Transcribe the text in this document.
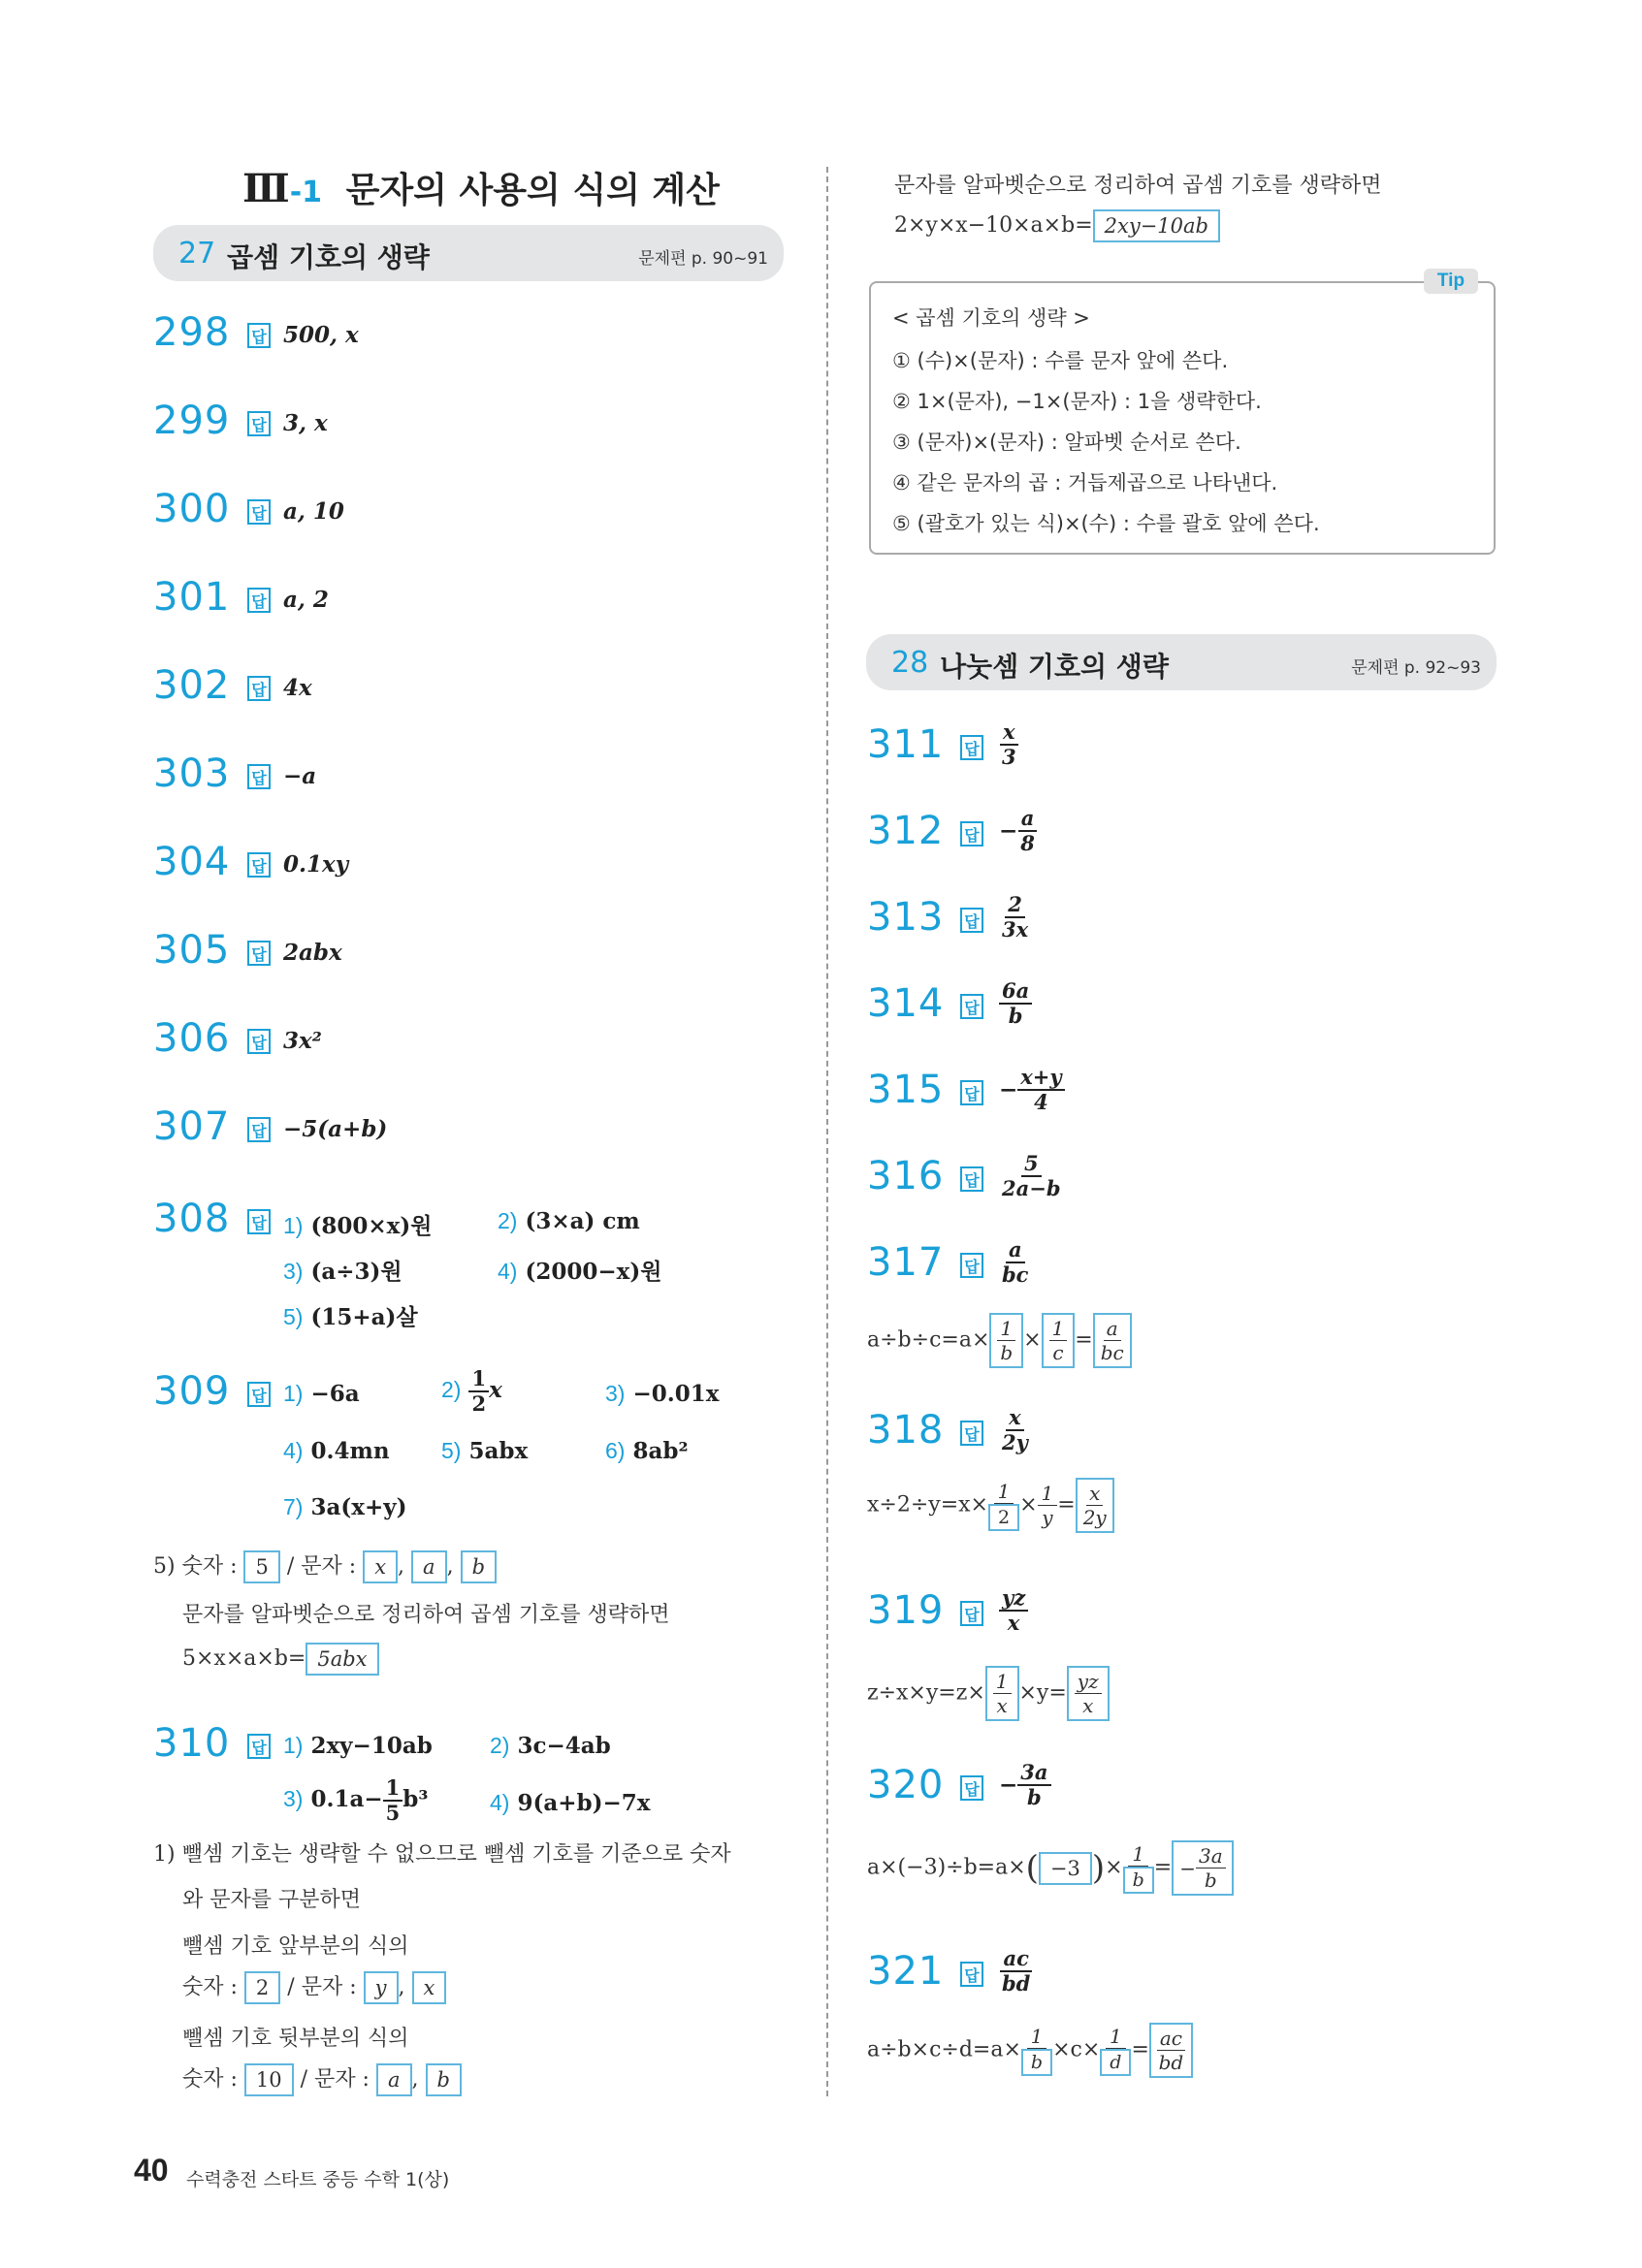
Ⅲ-1 문자의 사용의 식의 계산
27 곱셈 기호의 생략	문제편 p. 90~91
298 답 500, x
299 답 3, x
300 답 a, 10
301 답 a, 2
302 답 4x
303 답 −a
304 답 0.1xy
305 답 2abx
306 답 3x²
307 답 −5(a+b)
308 답 1) (800×x)원	2) (3×a) cm
3) (a÷3)원	4) (2000−x)원
5) (15+a)살
309 답 1) −6a	$2) \frac{1}{2}$ x	3) −0.01x
4) 0.4mn 5) 5abx	6) 8ab²
7) 3a(x+y)
5) 숫자 : 5 / 문자 : x , a , b
문자를 알파벳순으로 정리하여 곱셈 기호를 생략하면
5×x×a×b= 5abx
310 답 1) 2xy−10ab	2) 3c−4ab
3) $0.1a- \frac{1}{5} b^3$	4) 9(a+b)−7x
1) 뺄셈 기호는 생략할 수 없으므로 뺄셈 기호를 기준으로 숫자
와 문자를 구분하면
뺄셈 기호 앞부분의 식의
숫자 : 2 / 문자 : y , x
뺄셈 기호 뒷부분의 식의
숫자 : 10 / 문자 : a , b
문자를 알파벳순으로 정리하여 곱셈 기호를 생략하면
2×y×x−10×a×b= 2xy−10ab
Tip
< 곱셈 기호의 생략 >
① (수)×(문자) : 수를 문자 앞에 쓴다.
② 1×(문자), −1×(문자) : 1을 생략한다.
③ (문자)×(문자) : 알파벳 순서로 쓴다.
④ 같은 문자의 곱 : 거듭제곱으로 나타낸다.
⑤ (괄호가 있는 식)×(수) : 수를 괄호 앞에 쓴다.
28 나눗셈 기호의 생략	문제편 p. 92~93
311 답 $\frac{x}{3}$
312 답 − $\frac{a}{8}$
313 답 $\frac{2}{3x}$
314 답 $\frac{6a}{b}$
315 답 − $\frac{x+y}{4}$
316 답 $\frac{5}{2a-b}$
317 답 $\frac{a}{bc}$
318 답 $\frac{x}{2y}$
319 답 $\frac{yz}{x}$
320 답 − $\frac{3a}{b}$
321 답 $\frac{ac}{bd}$
$a\div b\div c=a\times \frac{1}{b} \times \frac{1}{c} = \frac{a}{bc}$
$x\div 2\div y=x\times \frac{1}{2} \times \frac{1}{y} = \frac{x}{2y}$
$z\div x\times y=z\times \frac{1}{x} \times y= \frac{yz}{x}$
a×(−3)÷b=a×( −3 )× $\frac{1}{b}$ = − $\frac{3a}{b}$
$a\div b\times c\div d=a\times \frac{1}{b} \times c\times \frac{1}{d} = \frac{ac}{bd}$
40 수력충전 스타트 중등 수학 1(상)
